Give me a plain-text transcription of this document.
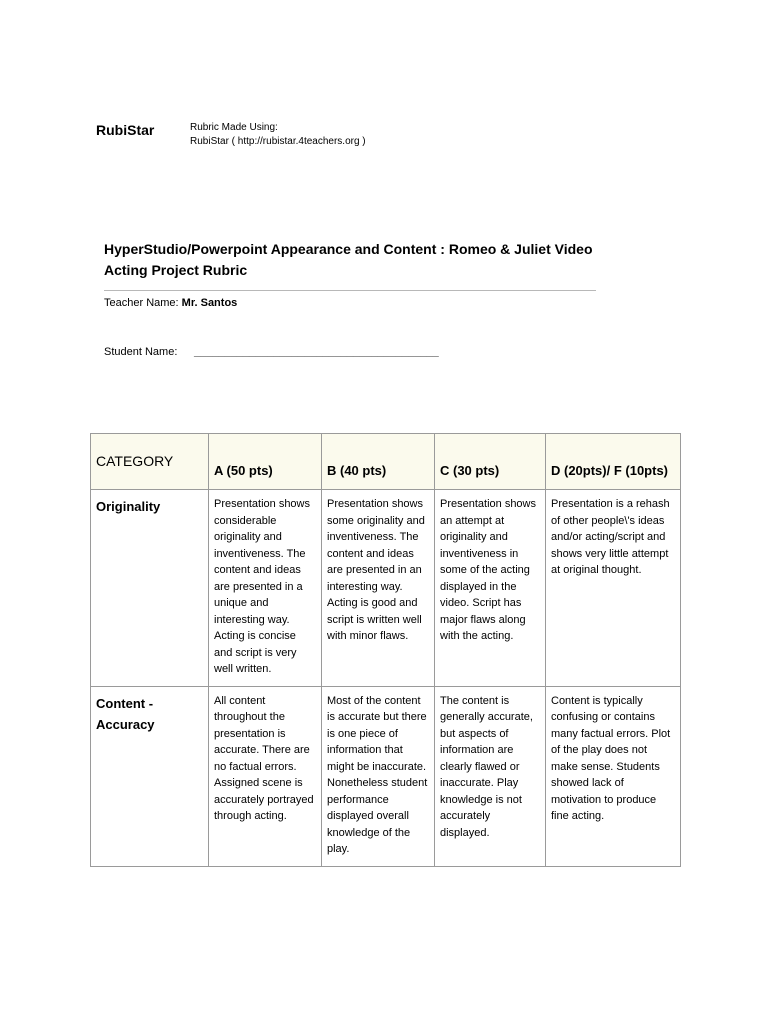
RubiStar	Rubric Made Using:
RubiStar ( http://rubistar.4teachers.org )
HyperStudio/Powerpoint Appearance and Content : Romeo & Juliet Video Acting Project Rubric
Teacher Name: Mr. Santos
Student Name: ________________________________________
CATEGORY	A (50 pts)	B (40 pts)	C (30 pts)	D (20pts)/ F (10pts)
Originality	Presentation shows considerable originality and inventiveness. The content and ideas are presented in a unique and interesting way. Acting is concise and script is very well written.	Presentation shows some originality and inventiveness. The content and ideas are presented in an interesting way. Acting is good and script is written well with minor flaws.	Presentation shows an attempt at originality and inventiveness in some of the acting displayed in the video. Script has major flaws along with the acting.	Presentation is a rehash of other people\'s ideas and/or acting/script and shows very little attempt at original thought.
Content - Accuracy	All content throughout the presentation is accurate. There are no factual errors. Assigned scene is accurately portrayed through acting.	Most of the content is accurate but there is one piece of information that might be inaccurate. Nonetheless student performance displayed overall knowledge of the play.	The content is generally accurate, but aspects of information are clearly flawed or inaccurate. Play knowledge is not accurately displayed.	Content is typically confusing or contains many factual errors. Plot of the play does not make sense. Students showed lack of motivation to produce fine acting.
